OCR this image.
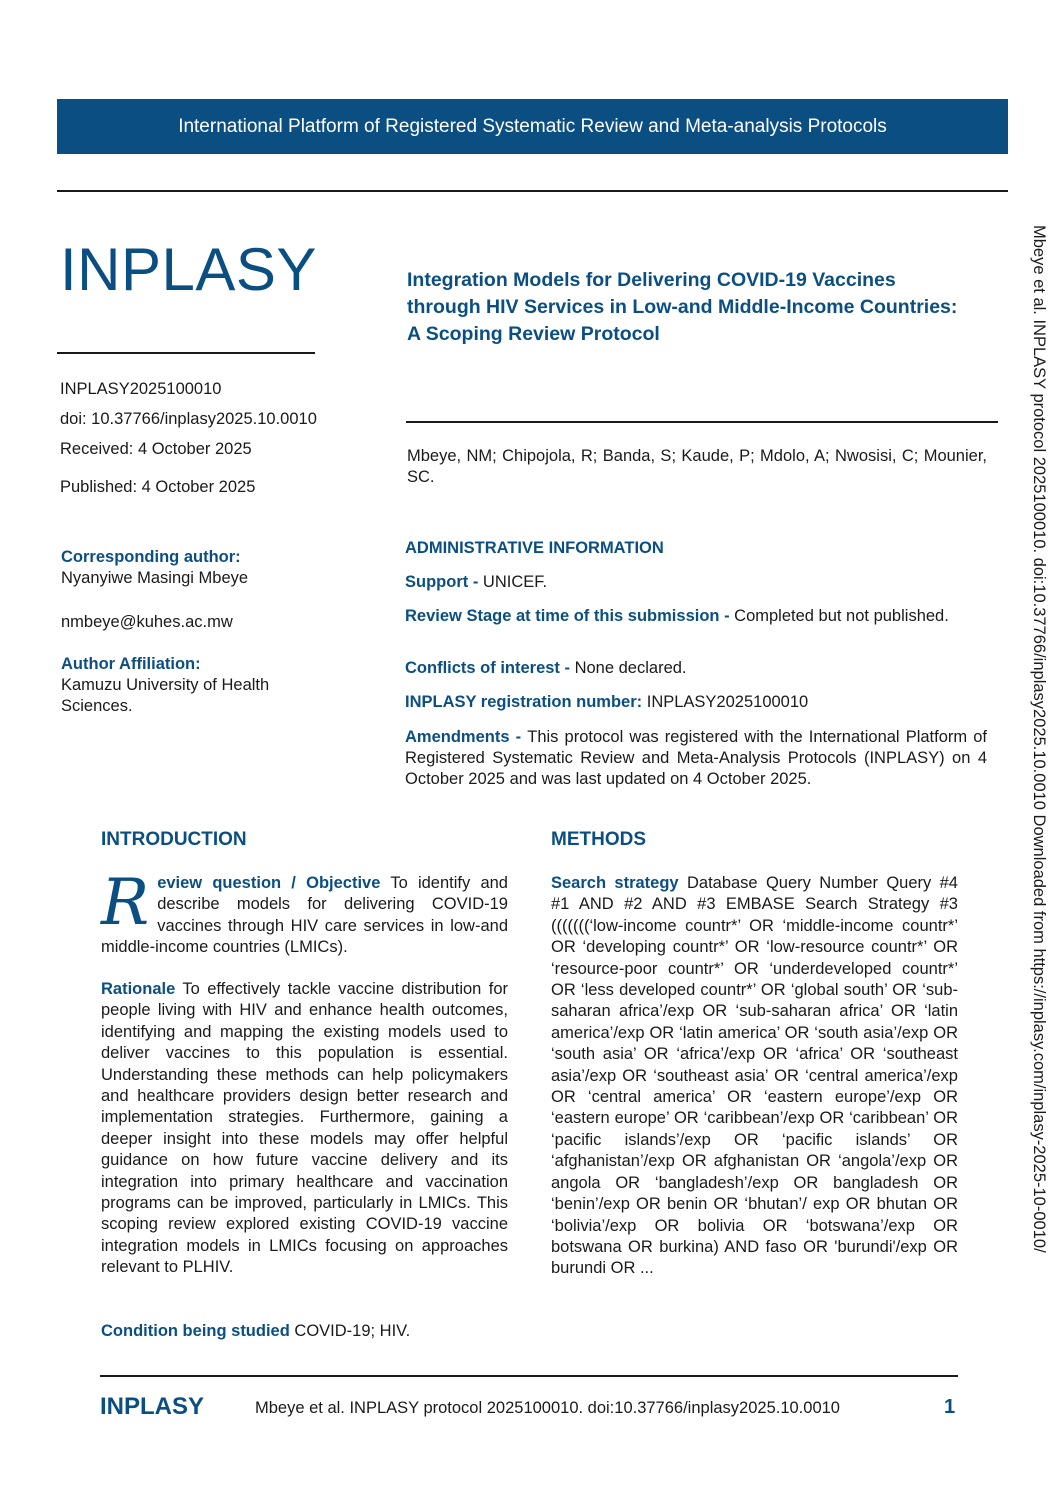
International Platform of Registered Systematic Review and Meta-analysis Protocols
INPLASY
INPLASY2025100010
doi: 10.37766/inplasy2025.10.0010
Received: 4 October 2025
Published: 4 October 2025
Integration Models for Delivering COVID-19 Vaccines through HIV Services in Low-and Middle-Income Countries: A Scoping Review Protocol
Mbeye, NM; Chipojola, R; Banda, S; Kaude, P; Mdolo, A; Nwosisi, C; Mounier, SC.
Corresponding author:
Nyanyiwe Masingi Mbeye
nmbeye@kuhes.ac.mw
Author Affiliation:
Kamuzu University of Health Sciences.
ADMINISTRATIVE INFORMATION
Support - UNICEF.
Review Stage at time of this submission - Completed but not published.
Conflicts of interest - None declared.
INPLASY registration number: INPLASY2025100010
Amendments - This protocol was registered with the International Platform of Registered Systematic Review and Meta-Analysis Protocols (INPLASY) on 4 October 2025 and was last updated on 4 October 2025.
INTRODUCTION
Review question / Objective To identify and describe models for delivering COVID-19 vaccines through HIV care services in low-and middle-income countries (LMICs).
Rationale To effectively tackle vaccine distribution for people living with HIV and enhance health outcomes, identifying and mapping the existing models used to deliver vaccines to this population is essential. Understanding these methods can help policymakers and healthcare providers design better research and implementation strategies. Furthermore, gaining a deeper insight into these models may offer helpful guidance on how future vaccine delivery and its integration into primary healthcare and vaccination programs can be improved, particularly in LMICs. This scoping review explored existing COVID-19 vaccine integration models in LMICs focusing on approaches relevant to PLHIV.
Condition being studied COVID-19; HIV.
METHODS
Search strategy Database Query Number Query #4 #1 AND #2 AND #3 EMBASE Search Strategy #3 (((((((‘low-income countr*’ OR ‘middle-income countr*’ OR ‘developing countr*’ OR ‘low-resource countr*’ OR ‘resource-poor countr*’ OR ‘underdeveloped countr*’ OR ‘less developed countr*’ OR ‘global south’ OR ‘sub-saharan africa’/exp OR ‘sub-saharan africa’ OR ‘latin america’/exp OR ‘latin america’ OR ‘south asia’/exp OR ‘south asia’ OR ‘africa’/exp OR ‘africa’ OR ‘southeast asia’/exp OR ‘southeast asia’ OR ‘central america’/exp OR ‘central america’ OR ‘eastern europe’/exp OR ‘eastern europe’ OR ‘caribbean’/exp OR ‘caribbean’ OR ‘pacific islands’/exp OR ‘pacific islands’ OR ‘afghanistan’/exp OR afghanistan OR ‘angola’/exp OR angola OR ‘bangladesh’/exp OR bangladesh OR ‘benin’/exp OR benin OR ‘bhutan’/ exp OR bhutan OR ‘bolivia’/exp OR bolivia OR ‘botswana’/exp OR botswana OR burkina) AND faso OR 'burundi'/exp OR burundi OR ...
Mbeye et al. INPLASY protocol 2025100010. doi:10.37766/inplasy2025.10.0010 Downloaded from https://inplasy.com/inplasy-2025-10-0010/
INPLASY	Mbeye et al. INPLASY protocol 2025100010. doi:10.37766/inplasy2025.10.0010	1
